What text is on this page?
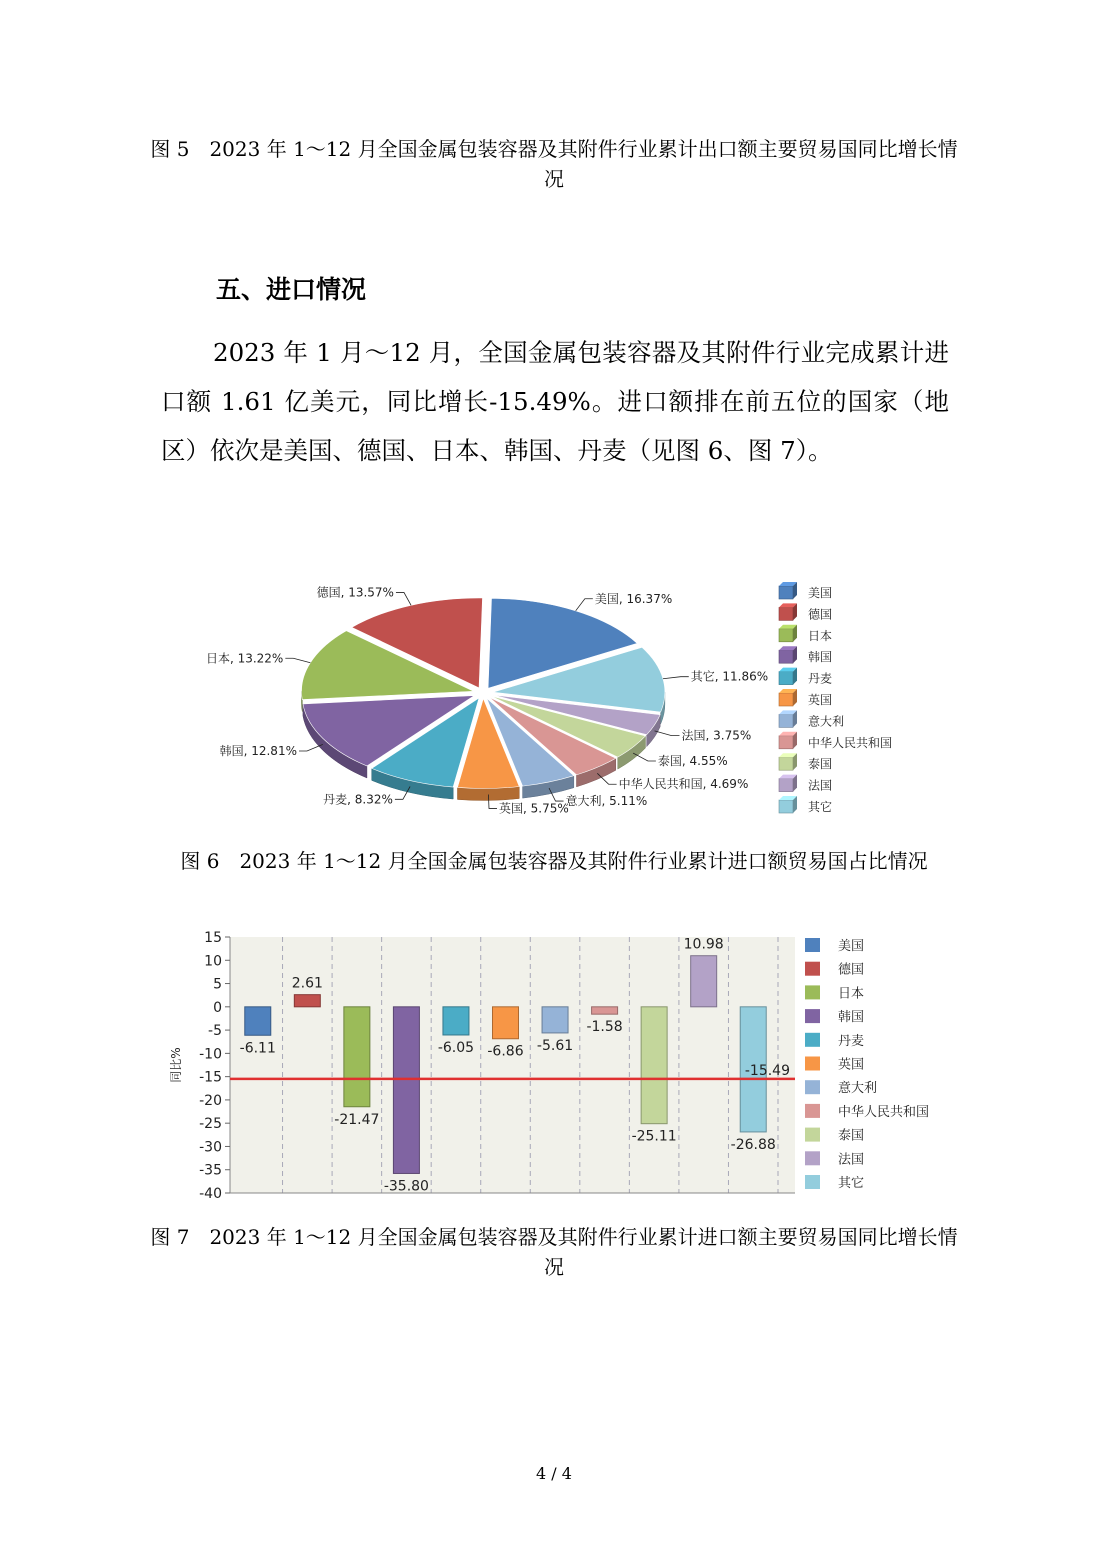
图 5　2023 年 1～12 月全国金属包装容器及其附件行业累计出口额主要贸易国同比增长情况
五、进口情况
2023 年 1 月～12 月，全国金属包装容器及其附件行业完成累计进口额 1.61 亿美元，同比增长-15.49%。进口额排在前五位的国家（地区）依次是美国、德国、日本、韩国、丹麦（见图 6、图 7）。
美国, 16.37%
其它, 11.86%
法国, 3.75%
泰国, 4.55%
中华人民共和国, 4.69%
意大利, 5.11%
英国, 5.75%
丹麦, 8.32%
韩国, 12.81%
日本, 13.22%
德国, 13.57%	美国
德国
日本
韩国
丹麦
英国
意大利
中华人民共和国
泰国
法国
其它
图 6　2023 年 1～12 月全国金属包装容器及其附件行业累计进口额贸易国占比情况
15
10
5
0
-5
-10
-15
-20
-25
-30
-35
-40
同比%	-6.11
2.61
-21.47
-35.80
-6.05 -6.86 -5.61
-1.58
-25.11
10.98
-26.88
-15.49
美国
德国
日本
韩国
丹麦
英国
意大利
中华人民共和国
泰国
法国
其它
图 7　2023 年 1～12 月全国金属包装容器及其附件行业累计进口额主要贸易国同比增长情况
4 / 4
